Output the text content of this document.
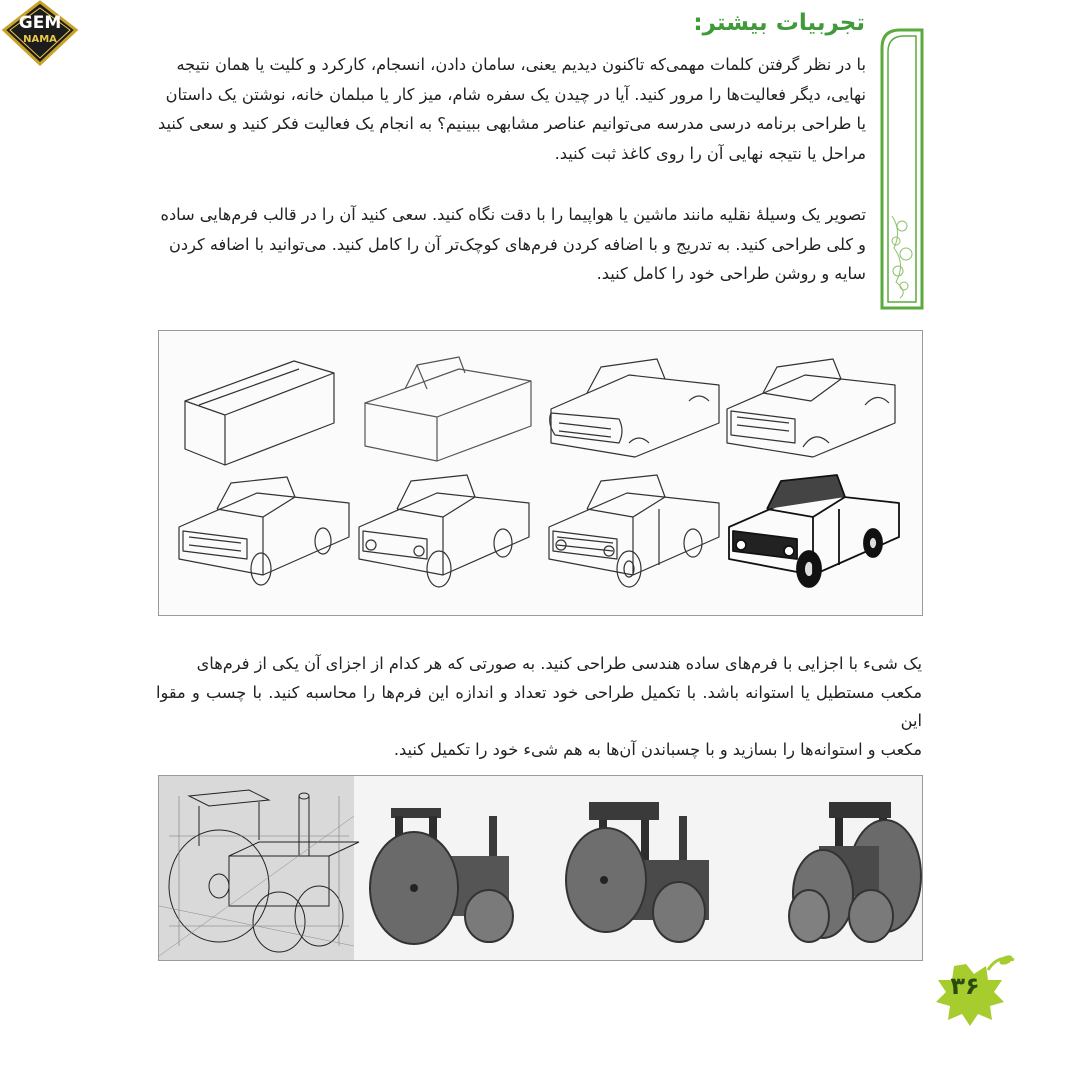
GEM
NAMA
تجربیات بیشتر:

با در نظر گرفتن کلمات مهمی‌که تاکنون دیدیم یعنی، سامان دادن، انسجام، کارکرد و کلیت یا همان نتیجه

نهایی، دیگر فعالیت‌ها را مرور کنید. آیا در چیدن یک سفره شام، میز کار یا مبلمان خانه، نوشتن یک داستان

یا طراحی برنامه درسی مدرسه می‌توانیم عناصر مشابهی ببینیم؟ به انجام یک فعالیت فکر کنید و سعی کنید

مراحل یا نتیجه نهایی آن را روی کاغذ ثبت کنید.

تصویر یک وسیلهٔ نقلیه مانند ماشین یا هواپیما را با دقت نگاه کنید. سعی کنید آن را در قالب فرم‌هایی ساده

و کلی طراحی کنید. به تدریج و با اضافه کردن فرم‌های کوچک‌تر آن را کامل کنید. می‌توانید با اضافه کردن

سایه و روشن طراحی خود را کامل کنید.

یک شیء با اجزایی با فرم‌های ساده هندسی طراحی کنید. به صورتی که هر کدام از اجزای آن یکی از فرم‌های

مکعب مستطیل یا استوانه باشد. با تکمیل طراحی خود تعداد و اندازه این فرم‌ها را محاسبه کنید. با چسب و مقوا این

مکعب و استوانه‌ها را بسازید و با چسباندن آن‌ها به هم شیء خود را تکمیل کنید.

۳۶
